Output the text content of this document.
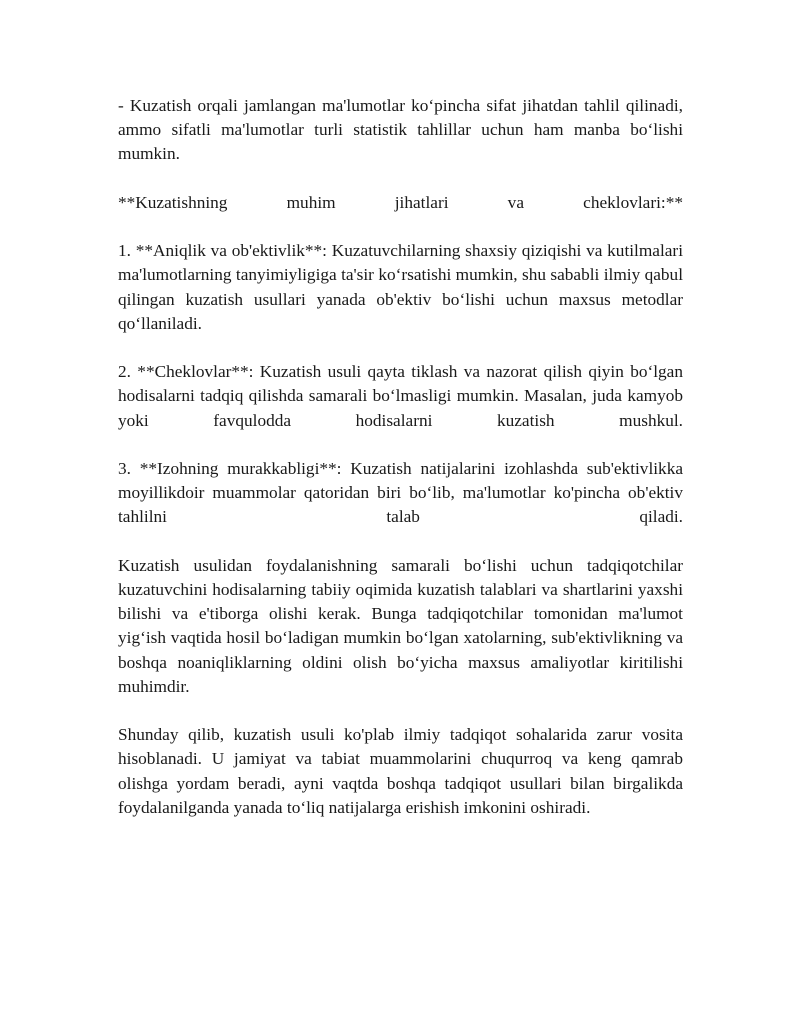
- Kuzatish orqali jamlangan ma'lumotlar koʻpincha sifat jihatdan tahlil qilinadi, ammo sifatli ma'lumotlar turli statistik tahlillar uchun ham manba boʻlishi mumkin.

**Kuzatishning muhim jihatlari va cheklovlari:**

1. **Aniqlik va ob'ektivlik**: Kuzatuvchilarning shaxsiy qiziqishi va kutilmalari ma'lumotlarning tanyimiyligiga ta'sir koʻrsatishi mumkin, shu sababli ilmiy qabul qilingan kuzatish usullari yanada ob'ektiv boʻlishi uchun maxsus metodlar qoʻllaniladi.

2. **Cheklovlar**: Kuzatish usuli qayta tiklash va nazorat qilish qiyin boʻlgan hodisalarni tadqiq qilishda samarali boʻlmasligi mumkin. Masalan, juda kamyob yoki favqulodda hodisalarni kuzatish mushkul.

3. **Izohning murakkabligi**: Kuzatish natijalarini izohlashda sub'ektivlikka moyillikdoir muammolar qatoridan biri boʻlib, ma'lumotlar ko'pincha ob'ektiv tahlilni talab qiladi.

Kuzatish usulidan foydalanishning samarali boʻlishi uchun tadqiqotchilar kuzatuvchini hodisalarning tabiiy oqimida kuzatish talablari va shartlarini yaxshi bilishi va e'tiborga olishi kerak. Bunga tadqiqotchilar tomonidan ma'lumot yigʻish vaqtida hosil boʻladigan mumkin boʻlgan xatolarning, sub'ektivlikning va boshqa noaniqliklarning oldini olish boʻyicha maxsus amaliyotlar kiritilishi muhimdir.

Shunday qilib, kuzatish usuli ko'plab ilmiy tadqiqot sohalarida zarur vosita hisoblanadi. U jamiyat va tabiat muammolarini chuqurroq va keng qamrab olishga yordam beradi, ayni vaqtda boshqa tadqiqot usullari bilan birgalikda foydalanilganda yanada toʻliq natijalarga erishish imkonini oshiradi.
